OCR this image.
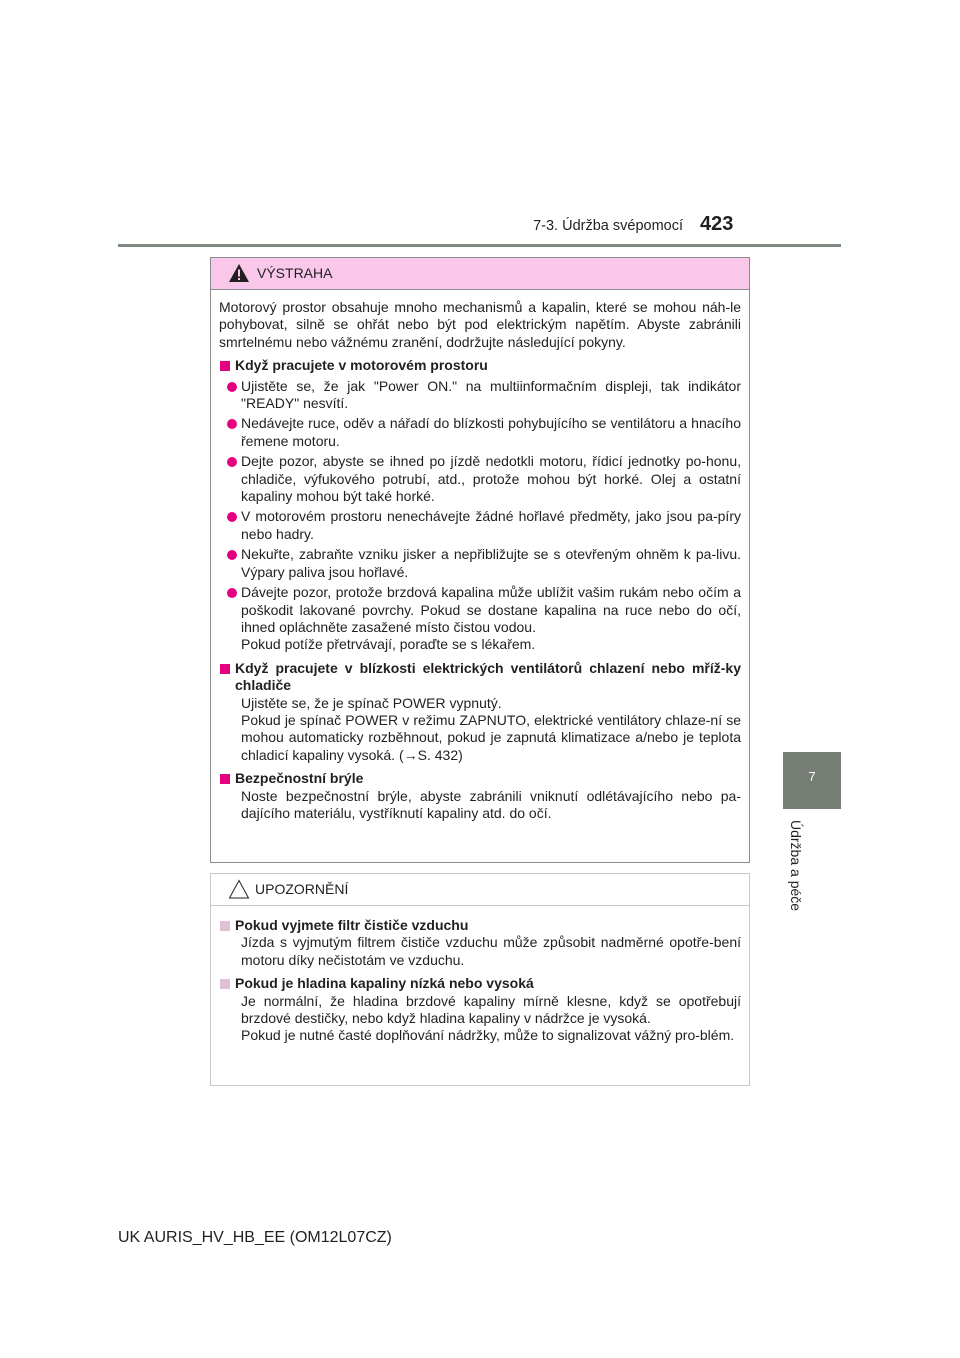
7-3. Údržba svépomocí 423
7
Údržba a péče
VÝSTRAHA

Motorový prostor obsahuje mnoho mechanismů a kapalin, které se mohou náh-le pohybovat, silně se ohřát nebo být pod elektrickým napětím. Abyste zabránili smrtelnému nebo vážnému zranění, dodržujte následující pokyny.

Když pracujete v motorovém prostoru
Ujistěte se, že jak "Power ON." na multiinformačním displeji, tak indikátor "READY" nesvítí.
Nedávejte ruce, oděv a nářadí do blízkosti pohybujícího se ventilátoru a hnacího řemene motoru.
Dejte pozor, abyste se ihned po jízdě nedotkli motoru, řídicí jednotky po-honu, chladiče, výfukového potrubí, atd., protože mohou být horké. Olej a ostatní kapaliny mohou být také horké.
V motorovém prostoru nenechávejte žádné hořlavé předměty, jako jsou pa-píry nebo hadry.
Nekuřte, zabraňte vzniku jisker a nepřibližujte se s otevřeným ohněm k pa-livu. Výpary paliva jsou hořlavé.
Dávejte pozor, protože brzdová kapalina může ublížit vašim rukám nebo očím a poškodit lakované povrchy. Pokud se dostane kapalina na ruce nebo do očí, ihned opláchněte zasažené místo čistou vodou.
Pokud potíže přetrvávají, poraďte se s lékařem.
Když pracujete v blízkosti elektrických ventilátorů chlazení nebo mříž-ky chladiče
Ujistěte se, že je spínač POWER vypnutý.
Pokud je spínač POWER v režimu ZAPNUTO, elektrické ventilátory chlaze-ní se mohou automaticky rozběhnout, pokud je zapnutá klimatizace a/nebo je teplota chladicí kapaliny vysoká. (→S. 432)
Bezpečnostní brýle
Noste bezpečnostní brýle, abyste zabránili vniknutí odlétávajícího nebo pa-dajícího materiálu, vystříknutí kapaliny atd. do očí.
UPOZORNĚNÍ
Pokud vyjmete filtr čističe vzduchu
Jízda s vyjmutým filtrem čističe vzduchu může způsobit nadměrné opotře-bení motoru díky nečistotám ve vzduchu.
Pokud je hladina kapaliny nízká nebo vysoká
Je normální, že hladina brzdové kapaliny mírně klesne, když se opotřebují brzdové destičky, nebo když hladina kapaliny v nádržce je vysoká.
Pokud je nutné časté doplňování nádržky, může to signalizovat vážný pro-blém.
UK AURIS_HV_HB_EE (OM12L07CZ)
